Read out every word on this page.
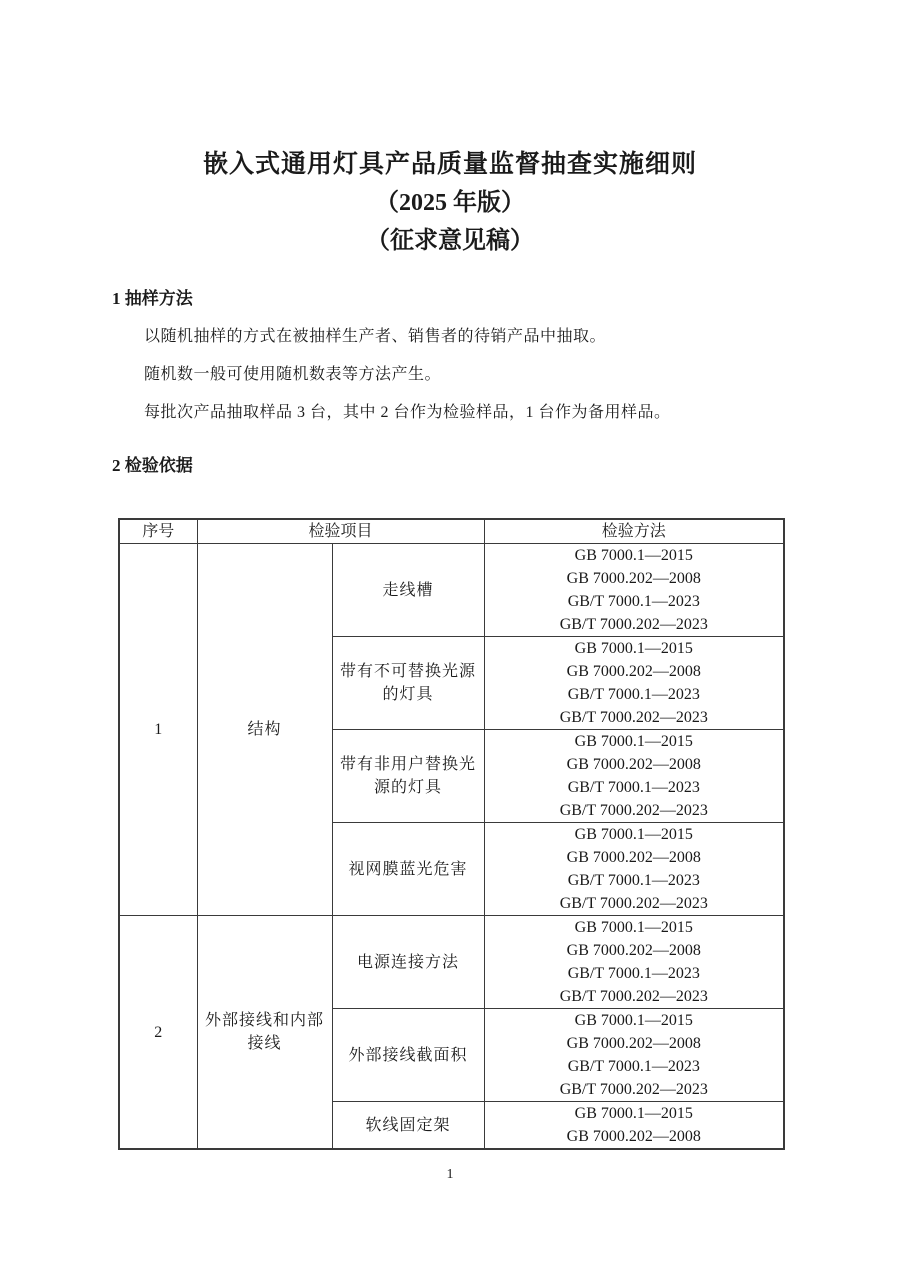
嵌入式通用灯具产品质量监督抽查实施细则
（2025 年版）
（征求意见稿）
1 抽样方法

以随机抽样的方式在被抽样生产者、销售者的待销产品中抽取。

随机数一般可使用随机数表等方法产生。

每批次产品抽取样品 3 台，其中 2 台作为检验样品，1 台作为备用样品。

2 检验依据
序号	检验项目		检验方法
1	结构	走线槽	GB 7000.1—2015
GB 7000.202—2008
GB/T 7000.1—2023
GB/T 7000.202—2023

		带有不可替换光源的灯具	GB 7000.1—2015
GB 7000.202—2008
GB/T 7000.1—2023
GB/T 7000.202—2023

		带有非用户替换光源的灯具	GB 7000.1—2015
GB 7000.202—2008
GB/T 7000.1—2023
GB/T 7000.202—2023

		视网膜蓝光危害	GB 7000.1—2015
GB 7000.202—2008
GB/T 7000.1—2023
GB/T 7000.202—2023

2	外部接线和内部接线	电源连接方法	GB 7000.1—2015
GB 7000.202—2008
GB/T 7000.1—2023
GB/T 7000.202—2023

		外部接线截面积	GB 7000.1—2015
GB 7000.202—2008
GB/T 7000.1—2023
GB/T 7000.202—2023

		软线固定架	GB 7000.1—2015
GB 7000.202—2008
1
